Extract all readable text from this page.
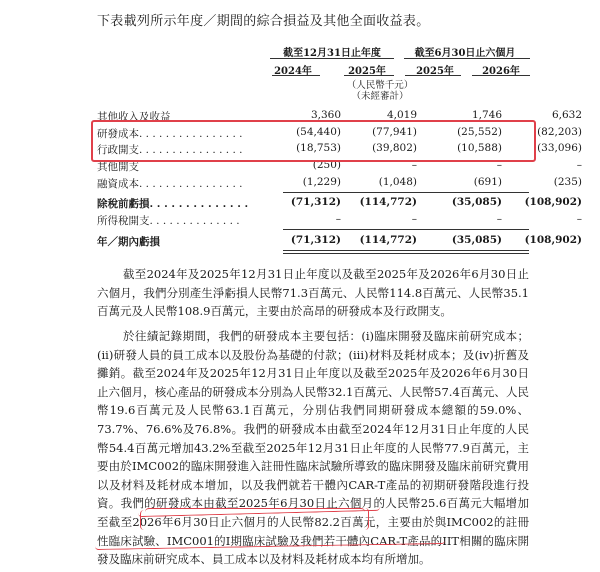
下表載列所示年度／期間的綜合損益及其他全面收益表。
截至12月31日止年度	截至6月30日止六個月
2024年	2025年	2025年	2026年
（人民幣千元）
（未經審計）
其他收入及收益	3,360	4,019	1,746	6,632
研發成本. . . . . . . . . . . . . . . .	(54,440)	(77,941)	(25,552)	(82,203)
行政開支. . . . . . . . . . . . . . . .	(18,753)	(39,802)	(10,588)	(33,096)
其他開支	(250)	–	–	–
融資成本. . . . . . . . . . . . . . . .	(1,229)	(1,048)	(691)	(235)
除稅前虧損. . . . . . . . . . . . . .	(71,312) (114,772)	(35,085) (108,902)
所得稅開支. . . . . . . . . . . . . .	–	–	–	–
年／期內虧損	(71,312) (114,772)	(35,085) (108,902)

截至2024年及2025年12月31日止年度以及截至2025年及2026年6月30日止六個月，我們分別產生淨虧損人民幣71.3百萬元、人民幣114.8百萬元、人民幣35.1百萬元及人民幣108.9百萬元，主要由於高昂的研發成本及行政開支。

於往績記錄期間，我們的研發成本主要包括：(i)臨床開發及臨床前研究成本；(ii)研發人員的員工成本以及股份為基礎的付款；(iii)材料及耗材成本；及(iv)折舊及攤銷。截至2024年及2025年12月31日止年度以及截至2025年及2026年6月30日止六個月，核心產品的研發成本分別為人民幣32.1百萬元、人民幣57.4百萬元、人民幣19.6百萬元及人民幣63.1百萬元，分別佔我們同期研發成本總額的59.0%、73.7%、76.6%及76.8%。我們的研發成本由截至2024年12月31日止年度的人民幣54.4百萬元增加43.2%至截至2025年12月31日止年度的人民幣77.9百萬元，主要由於IMC002的臨床開發進入註冊性臨床試驗所導致的臨床開發及臨床前研究費用以及材料及耗材成本增加，以及我們就若干體內CAR-T產品的初期研發階段進行投資。我們的研發成本由截至2025年6月30日止六個月的人民幣25.6百萬元大幅增加至截至2026年6月30日止六個月的人民幣82.2百萬元，主要由於與IMC002的註冊性臨床試驗、IMC001的I期臨床試驗及我們若干體內CAR-T產品的IIT相關的臨床開發及臨床前研究成本、員工成本以及材料及耗材成本均有所增加。
